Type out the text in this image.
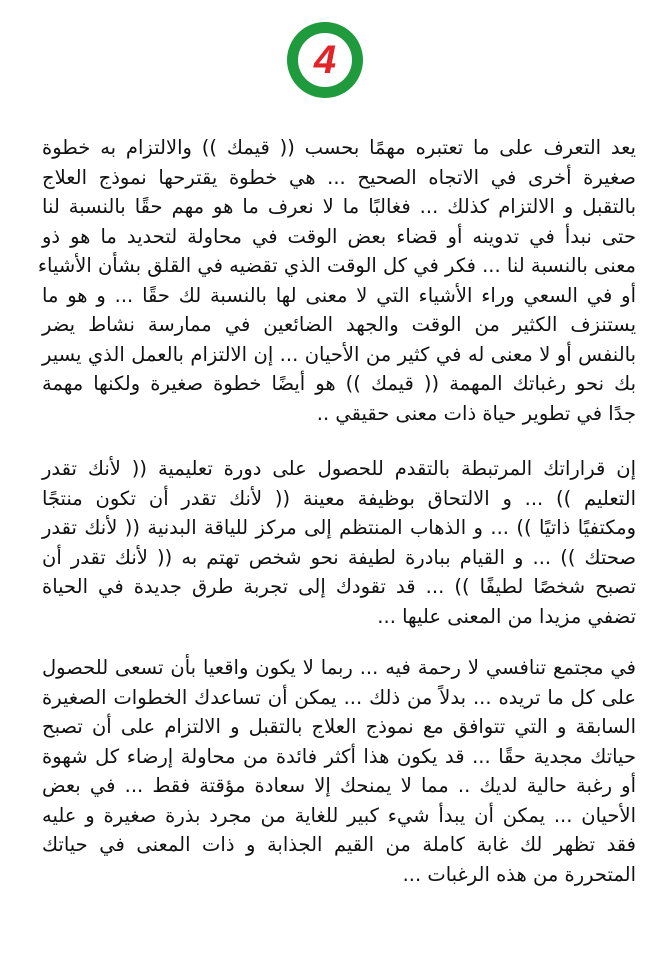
4
يعد التعرف على ما تعتبره مهمًا بحسب (( قيمك )) والالتزام به خطوة
صغيرة أخرى في الاتجاه الصحيح ... هي خطوة يقترحها نموذج العلاج
بالتقبل و الالتزام كذلك ... فغالبًا ما لا نعرف ما هو مهم حقًا بالنسبة لنا
حتى نبدأ في تدوينه أو قضاء بعض الوقت في محاولة لتحديد ما هو ذو
معنى بالنسبة لنا ... فكر في كل الوقت الذي تقضيه في القلق بشأن الأشياء
أو في السعي وراء الأشياء التي لا معنى لها بالنسبة لك حقًا ... و هو ما
يستنزف الكثير من الوقت والجهد الضائعين في ممارسة نشاط يضر
بالنفس أو لا معنى له في كثير من الأحيان ... إن الالتزام بالعمل الذي يسير
بك نحو رغباتك المهمة (( قيمك )) هو أيضًا خطوة صغيرة ولكنها مهمة
جدًا في تطوير حياة ذات معنى حقيقي ..
إن قراراتك المرتبطة بالتقدم للحصول على دورة تعليمية (( لأنك تقدر
التعليم )) ... و الالتحاق بوظيفة معينة (( لأنك تقدر أن تكون منتجًا
ومكتفيًا ذاتيًا )) ... و الذهاب المنتظم إلى مركز للياقة البدنية (( لأنك تقدر
صحتك )) ... و القيام ببادرة لطيفة نحو شخص تهتم به (( لأنك تقدر أن
تصبح شخصًا لطيفًا )) ... قد تقودك إلى تجربة طرق جديدة في الحياة
تضفي مزيدا من المعنى عليها ...
في مجتمع تنافسي لا رحمة فيه ... ربما لا يكون واقعيا بأن تسعى للحصول
على كل ما تريده ... بدلاً من ذلك ... يمكن أن تساعدك الخطوات الصغيرة
السابقة و التي تتوافق مع نموذج العلاج بالتقبل و الالتزام على أن تصبح
حياتك مجدية حقًا ... قد يكون هذا أكثر فائدة من محاولة إرضاء كل شهوة
أو رغبة حالية لديك .. مما لا يمنحك إلا سعادة مؤقتة فقط ... في بعض
الأحيان ... يمكن أن يبدأ شيء كبير للغاية من مجرد بذرة صغيرة و عليه
فقد تظهر لك غابة كاملة من القيم الجذابة و ذات المعنى في حياتك
المتحررة من هذه الرغبات ...
